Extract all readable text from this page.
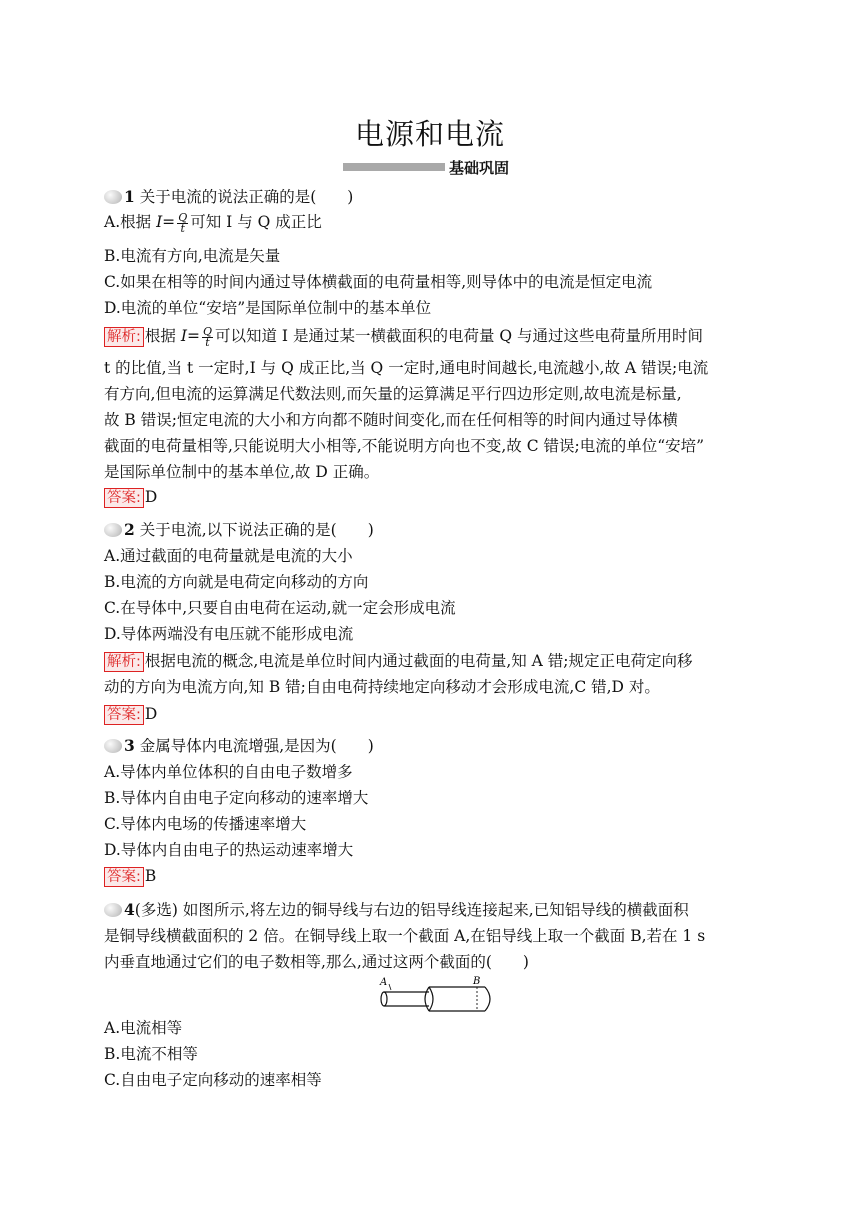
电源和电流
基础巩固
1 关于电流的说法正确的是(　　)
A.根据 $I= \frac{Q}{t}$ 可知 I 与 Q 成正比
B.电流有方向,电流是矢量
C.如果在相等的时间内通过导体横截面的电荷量相等,则导体中的电流是恒定电流
D.电流的单位“安培”是国际单位制中的基本单位
解析: 根据 $I= \frac{Q}{t}$ 可以知道 I 是通过某一横截面积的电荷量 Q 与通过这些电荷量所用时间
t 的比值,当 t 一定时,I 与 Q 成正比,当 Q 一定时,通电时间越长,电流越小,故 A 错误;电流
有方向,但电流的运算满足代数法则,而矢量的运算满足平行四边形定则,故电流是标量,
故 B 错误;恒定电流的大小和方向都不随时间变化,而在任何相等的时间内通过导体横
截面的电荷量相等,只能说明大小相等,不能说明方向也不变,故 C 错误;电流的单位“安培”
是国际单位制中的基本单位,故 D 正确。
答案: D
2 关于电流,以下说法正确的是(　　)
A.通过截面的电荷量就是电流的大小
B.电流的方向就是电荷定向移动的方向
C.在导体中,只要自由电荷在运动,就一定会形成电流
D.导体两端没有电压就不能形成电流
解析: 根据电流的概念,电流是单位时间内通过截面的电荷量,知 A 错;规定正电荷定向移
动的方向为电流方向,知 B 错;自由电荷持续地定向移动才会形成电流,C 错,D 对。
答案: D
3 金属导体内电流增强,是因为(　　)
A.导体内单位体积的自由电子数增多
B.导体内自由电子定向移动的速率增大
C.导体内电场的传播速率增大
D.导体内自由电子的热运动速率增大
答案: B
4(多选) 如图所示,将左边的铜导线与右边的铝导线连接起来,已知铝导线的横截面积
是铜导线横截面积的 2 倍。在铜导线上取一个截面 A,在铝导线上取一个截面 B,若在 1 s
内垂直地通过它们的电子数相等,那么,通过这两个截面的(　　)
A	B
A.电流相等
B.电流不相等
C.自由电子定向移动的速率相等
